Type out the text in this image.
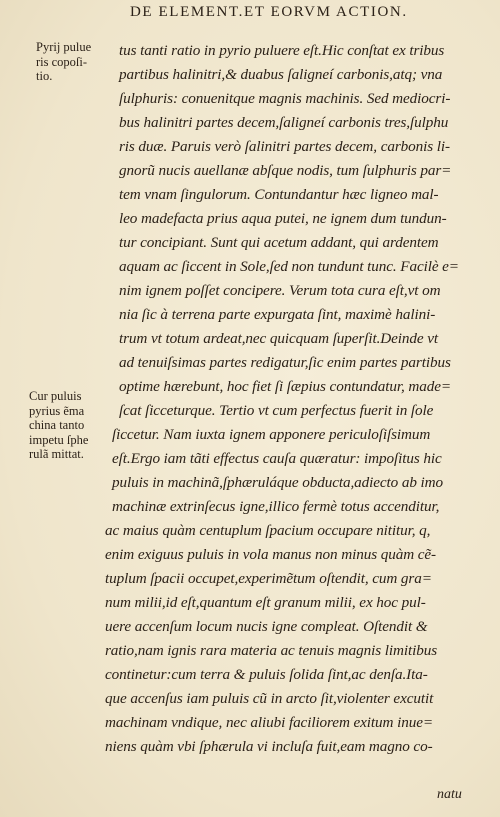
DE ELEMENT.ET EORVM ACTION.
Pyrij pulue
ris copoſi-
tio.
Cur puluis
pyrius ẽma
china tanto
impetu ſphe
rulã mittat.
tus tanti ratio in pyrio puluere eſt.Hic conſtat ex tribus
partibus halinitri,& duabus ſaligneí carbonis,atq; vna
ſulphuris: conuenitque magnis machinis. Sed mediocri-
bus halinitri partes decem,ſaligneí carbonis tres,ſulphu
ris duæ. Paruis verò ſalinitri partes decem, carbonis li-
gnorũ nucis auellanæ abſque nodis, tum ſulphuris par=
tem vnam ſingulorum. Contundantur hæc ligneo mal-
leo madefacta prius aqua putei, ne ignem dum tundun-
tur concipiant. Sunt qui acetum addant, qui ardentem
aquam ac ſiccent in Sole,ſed non tundunt tunc. Facilè e=
nim ignem poſſet concipere. Verum tota cura eſt,vt om
nia ſic à terrena parte expurgata ſint, maximè halini-
trum vt totum ardeat,nec quicquam ſuperſit.Deinde vt
ad tenuiſsimas partes redigatur,ſic enim partes partibus
optime hærebunt, hoc fiet ſi ſæpius contundatur, made=
ſcat ſicceturque. Tertio vt cum perfectus fuerit in ſole
ſiccetur. Nam iuxta ignem apponere periculoſiſsimum
eſt.Ergo iam tãti effectus cauſa quæratur: impoſitus hic
puluis in machinã,ſphæruláque obducta,adiecto ab imo
machinæ extrinſecus igne,illico fermè totus accenditur,
ac maius quàm centuplum ſpacium occupare nititur, q,
enim exiguus puluis in vola manus non minus quàm cẽ-
tuplum ſpacii occupet,experimẽtum oſtendit, cum gra=
num milii,id eſt,quantum eſt granum milii, ex hoc pul-
uere accenſum locum nucis igne compleat. Oſtendit &
ratio,nam ignis rara materia ac tenuis magnis limitibus
continetur:cum terra & puluis ſolida ſint,ac denſa.Ita-
que accenſus iam puluis cũ in arcto ſit,violenter excutit
machinam vndique, nec aliubi faciliorem exitum inue=
niens quàm vbi ſphærula vi incluſa fuit,eam magno co-
natu
